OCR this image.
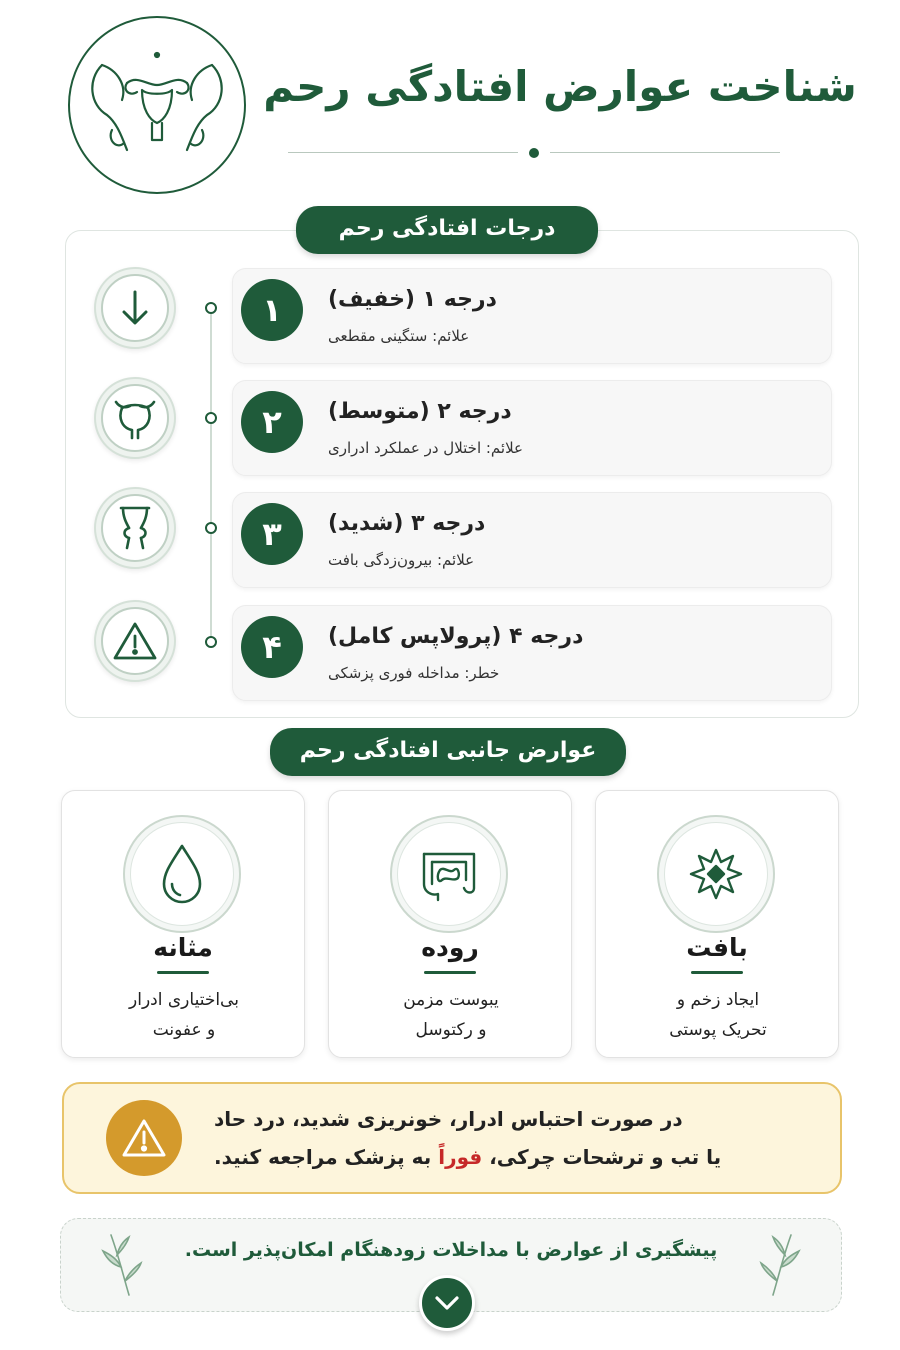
شناخت عوارض افتادگی رحم
درجات افتادگی رحم
۱	درجه ۱ (خفیف)
علائم: ستگینی مقطعی
۲	درجه ۲ (متوسط)
علائم: اختلال در عملکرد ادراری
۳	درجه ۳ (شدید)
علائم: بیرون‌زدگی بافت
۴	درجه ۴ (پرولاپس کامل)
خطر: مداخله فوری پزشکی
عوارض جانبی افتادگی رحم
بافت
ایجاد زخم و
تحریک پوستی
روده
یبوست مزمن
و رکتوسل
مثانه
بی‌اختیاری ادرار
و عفونت
در صورت احتباس ادرار، خونریزی شدید، درد حاد
یا تب و ترشحات چرکی، فوراً به پزشک مراجعه کنید.
پیشگیری از عوارض با مداخلات زودهنگام امکان‌پذیر است.
